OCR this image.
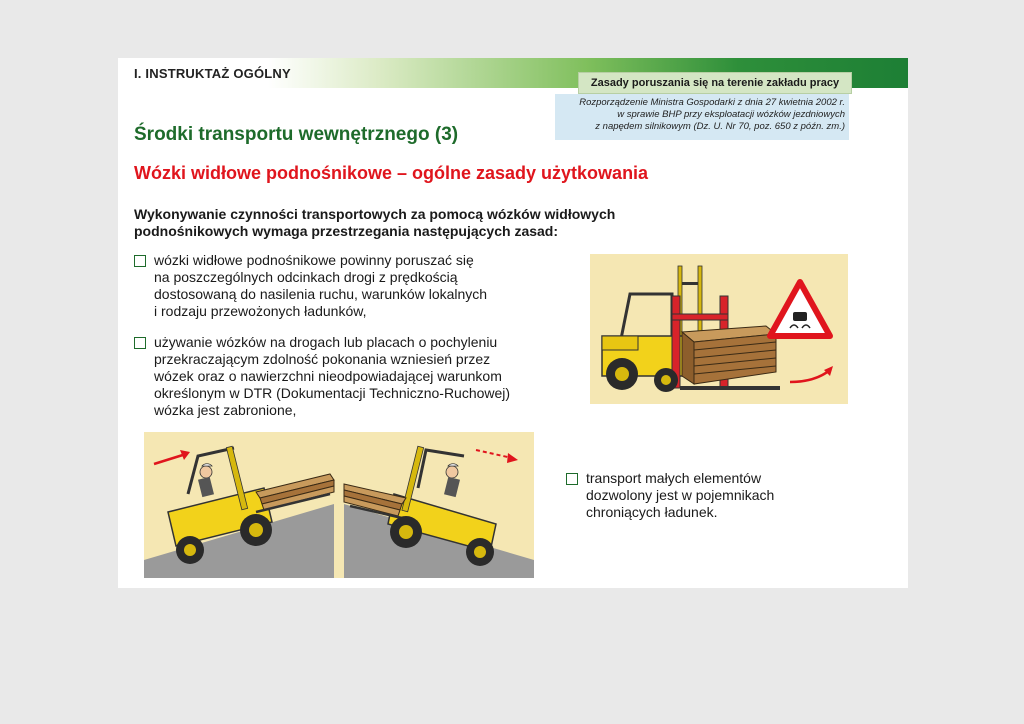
I. INSTRUKTAŻ OGÓLNY
Zasady poruszania się na terenie zakładu pracy
Rozporządzenie Ministra Gospodarki z dnia 27 kwietnia 2002 r.
w sprawie BHP przy eksploatacji wózków jezdniowych
z napędem silnikowym (Dz. U. Nr 70, poz. 650 z późn. zm.)
Środki transportu wewnętrznego (3)
Wózki widłowe podnośnikowe – ogólne zasady użytkowania
Wykonywanie czynności transportowych za pomocą wózków widłowych podnośnikowych wymaga przestrzegania następujących zasad:
wózki widłowe podnośnikowe powinny poruszać się
na poszczególnych odcinkach drogi z prędkością
dostosowaną do nasilenia ruchu, warunków lokalnych
i rodzaju przewożonych ładunków,
używanie wózków na drogach lub placach o pochyleniu
przekraczającym zdolność pokonania wzniesień przez
wózek oraz o nawierzchni nieodpowiadającej warunkom
określonym w DTR (Dokumentacji Techniczno-Ruchowej)
wózka jest zabronione,
transport małych elementów
dozwolony jest w pojemnikach
chroniących ładunek.
